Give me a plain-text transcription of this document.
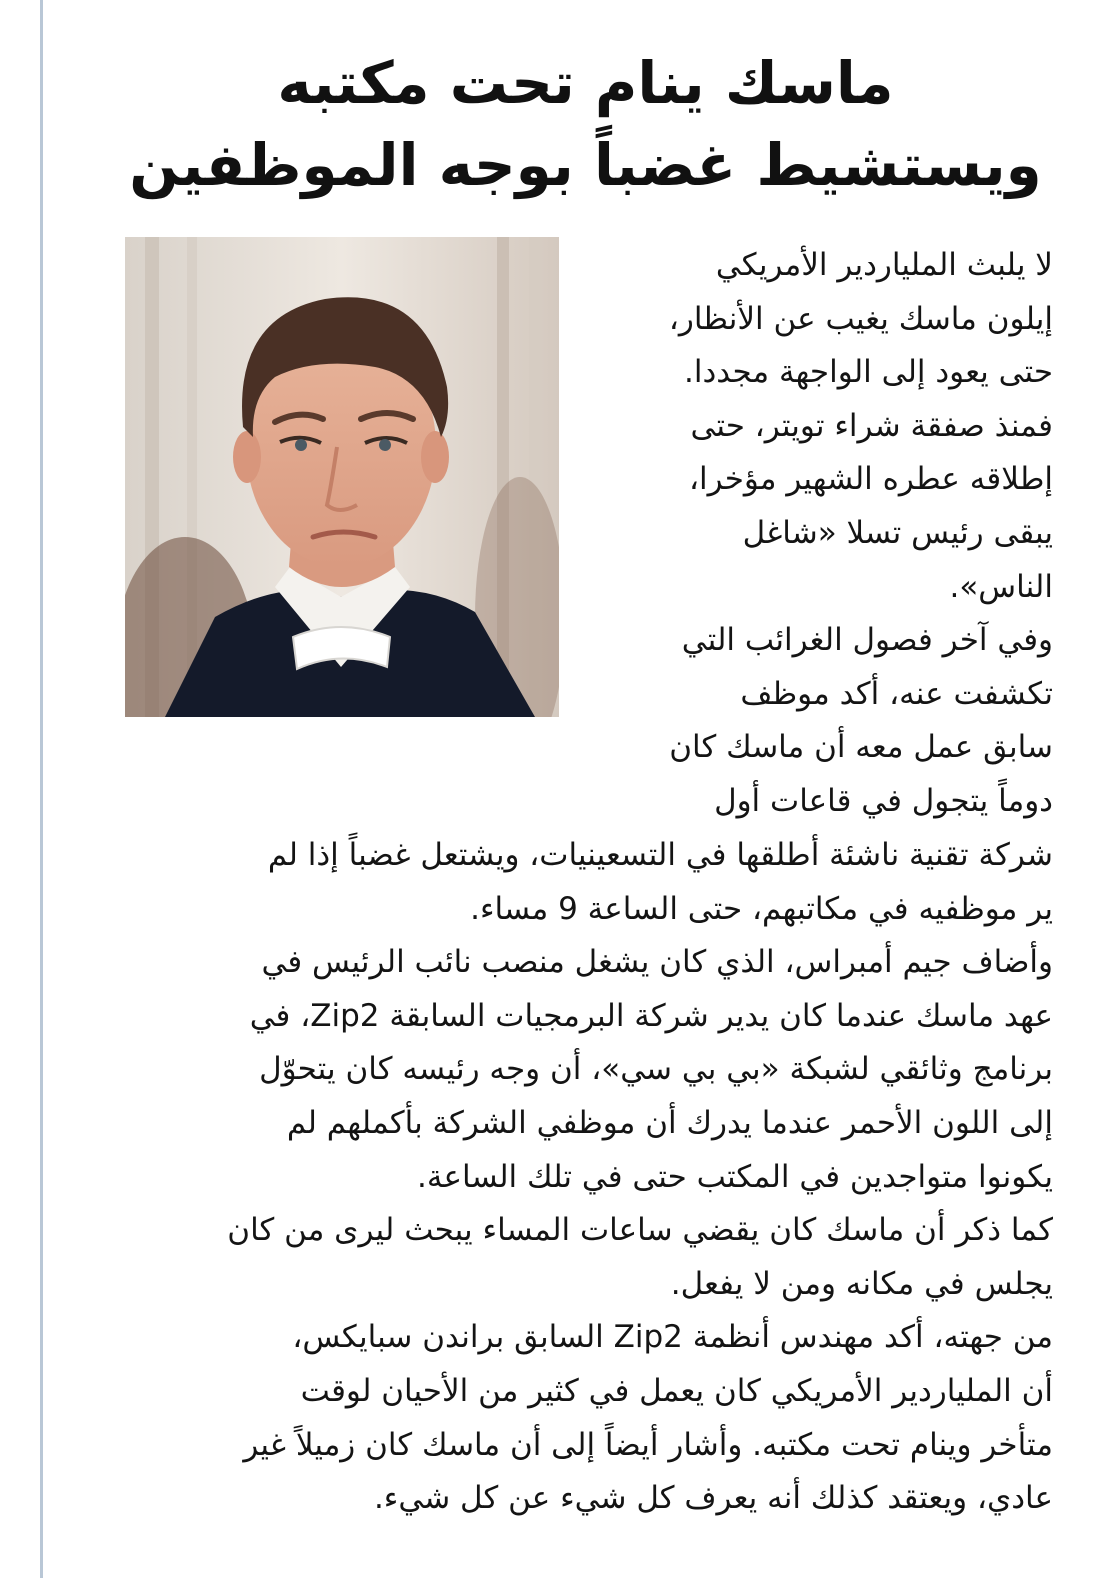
ماسك ينام تحت مكتبه
ويستشيط غضباً بوجه الموظفين
لا يلبث الملياردير الأمريكي
إيلون ماسك يغيب عن الأنظار،
حتى يعود إلى الواجهة مجددا.
فمنذ صفقة شراء تويتر، حتى
إطلاقه عطره الشهير مؤخرا،
يبقى رئيس تسلا «شاغل
الناس».
وفي آخر فصول الغرائب التي
تكشفت عنه، أكد موظف
سابق عمل معه أن ماسك كان
دوماً يتجول في قاعات أول
شركة تقنية ناشئة أطلقها في التسعينيات، ويشتعل غضباً إذا لم
ير موظفيه في مكاتبهم، حتى الساعة 9 مساء.
وأضاف جيم أمبراس، الذي كان يشغل منصب نائب الرئيس في
عهد ماسك عندما كان يدير شركة البرمجيات السابقة Zip2، في
برنامج وثائقي لشبكة «بي بي سي»، أن وجه رئيسه كان يتحوّل
إلى اللون الأحمر عندما يدرك أن موظفي الشركة بأكملهم لم
يكونوا متواجدين في المكتب حتى في تلك الساعة.
كما ذكر أن ماسك كان يقضي ساعات المساء يبحث ليرى من كان
يجلس في مكانه ومن لا يفعل.
من جهته، أكد مهندس أنظمة Zip2 السابق براندن سبايكس،
أن الملياردير الأمريكي كان يعمل في كثير من الأحيان لوقت
متأخر وينام تحت مكتبه. وأشار أيضاً إلى أن ماسك كان زميلاً غير
عادي، ويعتقد كذلك أنه يعرف كل شيء عن كل شيء.
